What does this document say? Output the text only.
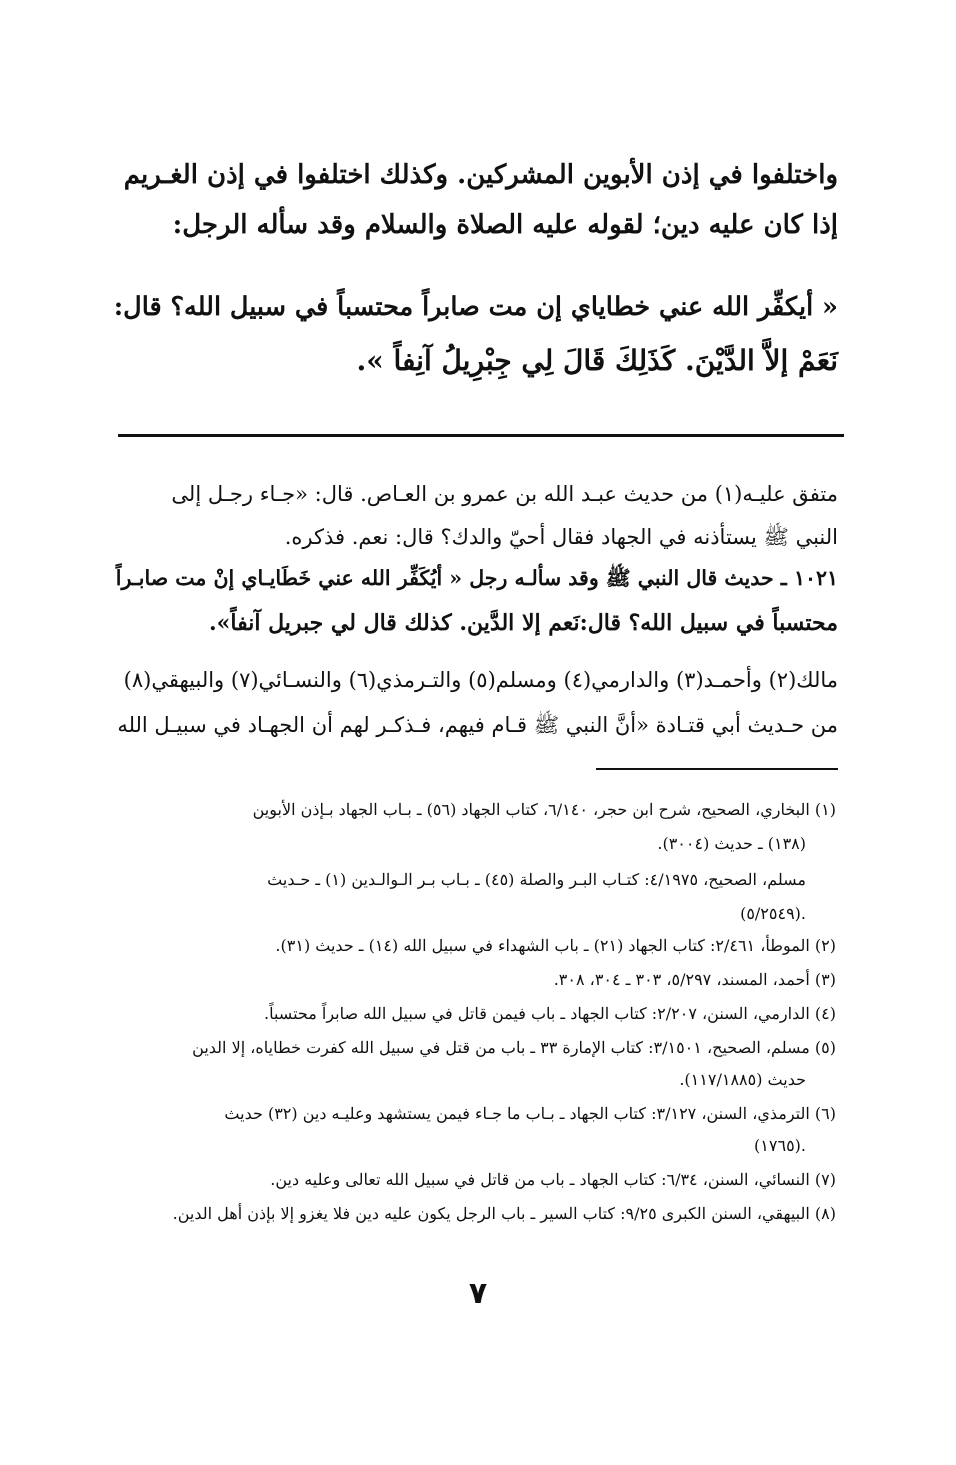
واختلفوا في إذن الأبوين المشركين. وكذلك اختلفوا في إذن الغـريم
إذا كان عليه دين؛ لقوله عليه الصلاة والسلام وقد سأله الرجل:
« أيكفِّر الله عني خطاياي إن مت صابراً محتسباً في سبيل الله؟ قال:
نَعَمْ إلاَّ الدَّيْنَ. كَذَلِكَ قَالَ لِي جِبْرِيلُ آنِفاً ».
متفق عليـه(١) من حديث عبـد الله بن عمرو بن العـاص. قال: «جـاء رجـل إلى
النبي ﷺ يستأذنه في الجهاد فقال أحيّ والدك؟ قال: نعم. فذكره.
١٠٢١ ـ حديث قال النبي ﷺ وقد سألـه رجل « أيُكَفِّر الله عني خَطَايـاي إنْ مت صابـراً
محتسباً في سبيل الله؟ قال:نَعم إلا الدَّين. كذلك قال لي جبريل آنفاً».
مالك(٢) وأحمـد(٣) والدارمي(٤) ومسلم(٥) والتـرمذي(٦) والنسـائي(٧) والبيهقي(٨)
من حـديث أبي قتـادة «أنَّ النبي ﷺ قـام فيهم، فـذكـر لهم أن الجهـاد في سبيـل الله
(١) البخاري، الصحيح، شرح ابن حجر، ٦/١٤٠، كتاب الجهاد (٥٦) ـ بـاب الجهاد بـإذن الأبوين
(١٣٨) ـ حديث (٣٠٠٤).
مسلم، الصحيح، ٤/١٩٧٥: كتـاب البـر والصلة (٤٥) ـ بـاب بـر الـوالـدين (١) ـ حـديث
(٥/٢٥٤٩).
(٢) الموطأ، ٢/٤٦١: كتاب الجهاد (٢١) ـ باب الشهداء في سبيل الله (١٤) ـ حديث (٣١).
(٣) أحمد، المسند، ٥/٢٩٧، ٣٠٣ ـ ٣٠٤، ٣٠٨.
(٤) الدارمي، السنن، ٢/٢٠٧: كتاب الجهاد ـ باب فيمن قاتل في سبيل الله صابراً محتسباً.
(٥) مسلم، الصحيح، ٣/١٥٠١: كتاب الإمارة ٣٣ ـ باب من قتل في سبيل الله كفرت خطاياه، إلا الدين
حديث (١١٧/١٨٨٥).
(٦) الترمذي، السنن، ٣/١٢٧: كتاب الجهاد ـ بـاب ما جـاء فيمن يستشهد وعليـه دين (٣٢) حديث
(١٧٦٥).
(٧) النسائي، السنن، ٦/٣٤: كتاب الجهاد ـ باب من قاتل في سبيل الله تعالى وعليه دين.
(٨) البيهقي، السنن الكبرى ٩/٢٥: كتاب السير ـ باب الرجل يكون عليه دين فلا يغزو إلا بإذن أهل الدين.
٧
